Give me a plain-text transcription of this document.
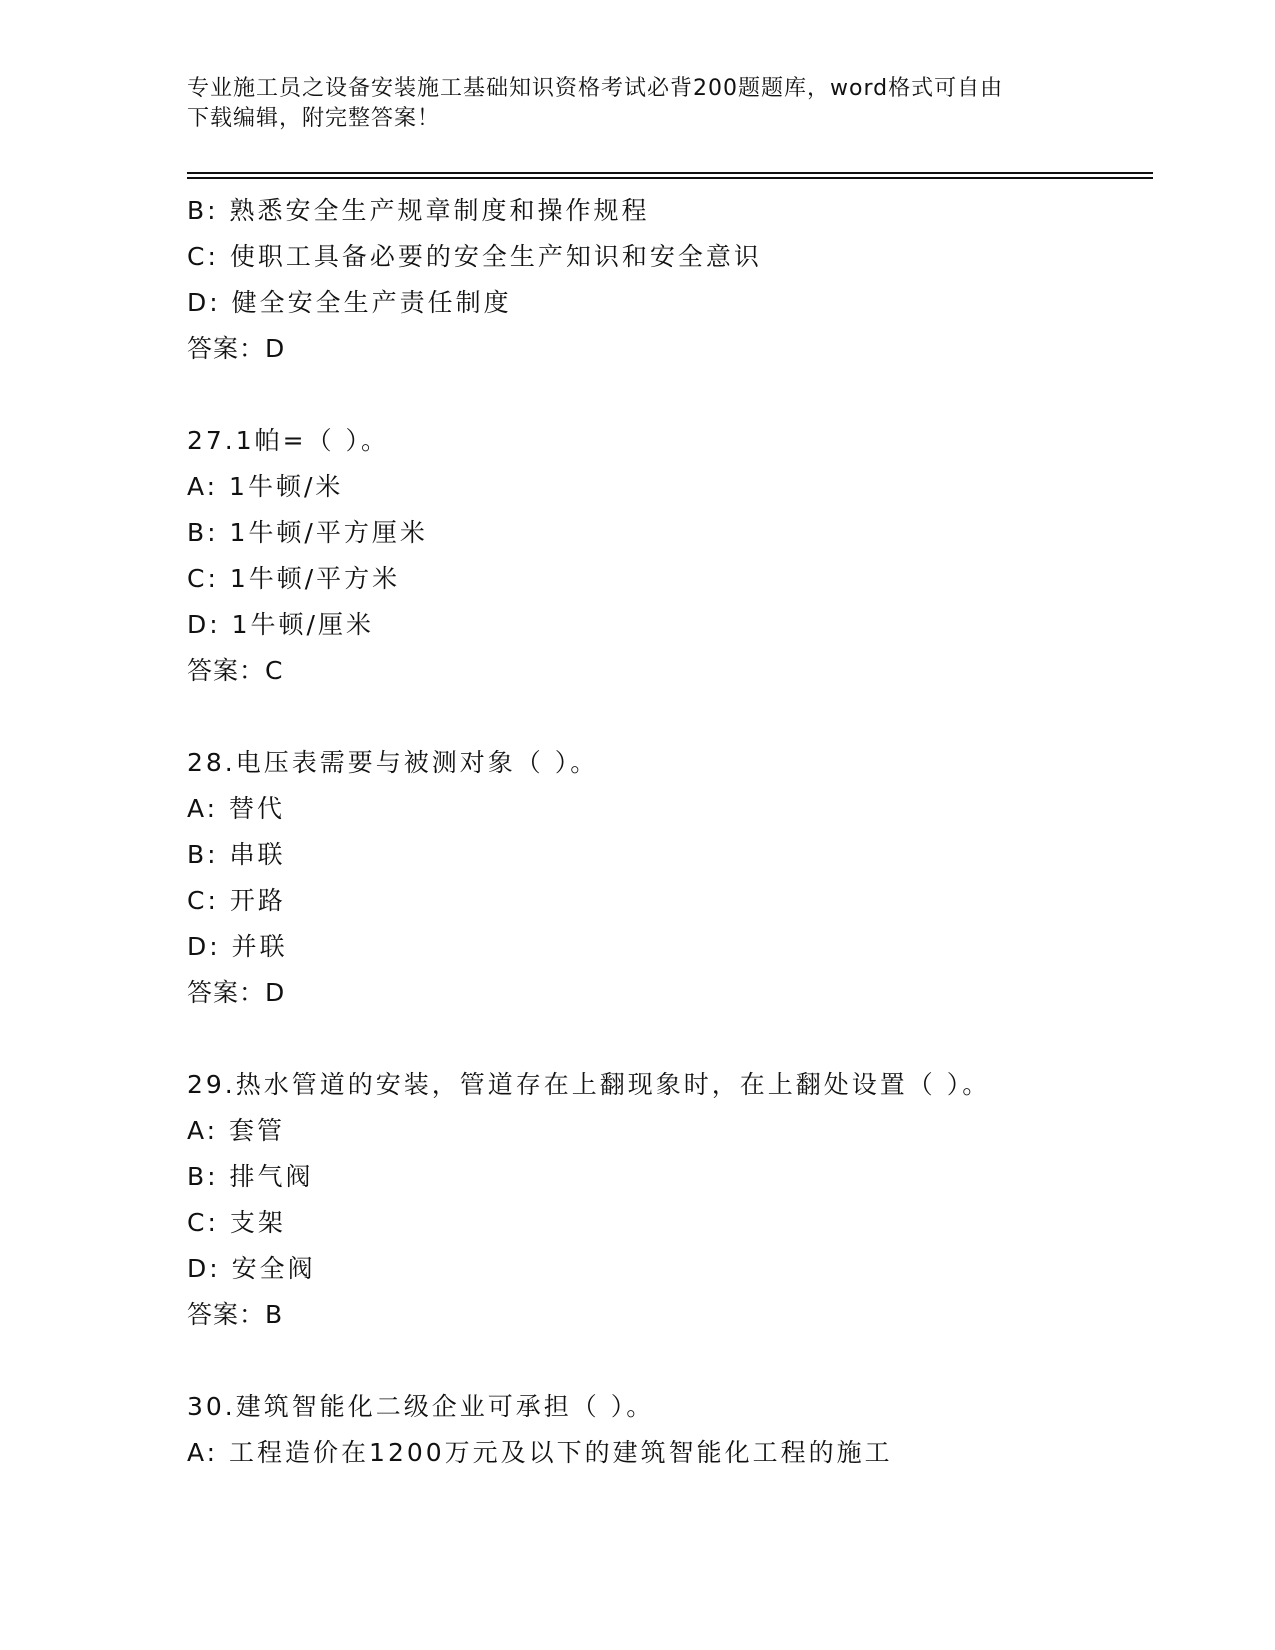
专业施工员之设备安装施工基础知识资格考试必背200题题库，word格式可自由
下载编辑，附完整答案！
B: 熟悉安全生产规章制度和操作规程
C: 使职工具备必要的安全生产知识和安全意识
D: 健全安全生产责任制度
答案：D
27.1帕=（ ）。
A: 1牛顿/米
B: 1牛顿/平方厘米
C: 1牛顿/平方米
D: 1牛顿/厘米
答案：C
28.电压表需要与被测对象（ ）。
A: 替代
B: 串联
C: 开路
D: 并联
答案：D
29.热水管道的安装，管道存在上翻现象时，在上翻处设置（ ）。
A: 套管
B: 排气阀
C: 支架
D: 安全阀
答案：B
30.建筑智能化二级企业可承担（ ）。
A: 工程造价在1200万元及以下的建筑智能化工程的施工
